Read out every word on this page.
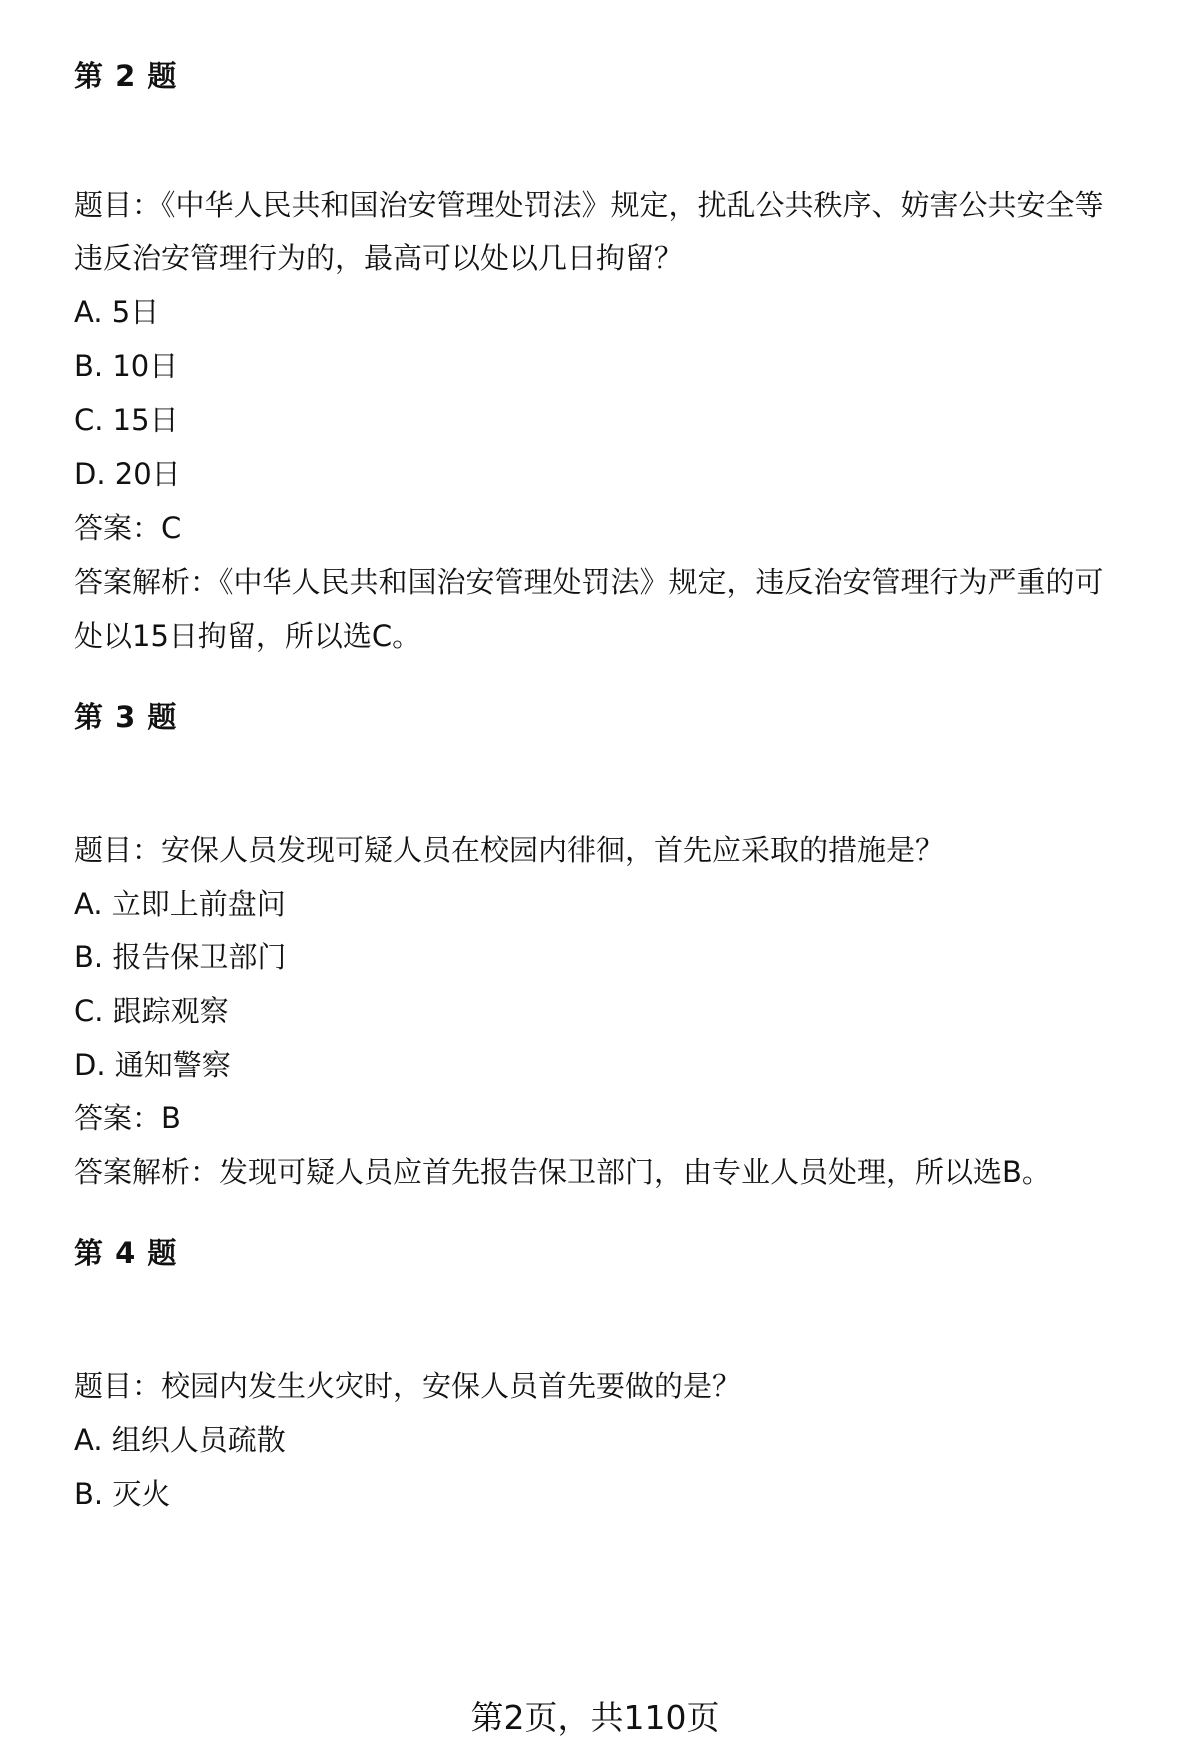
第 2 题
题目：《中华人民共和国治安管理处罚法》规定，扰乱公共秩序、妨害公共安全等
违反治安管理行为的，最高可以处以几日拘留？
A. 5日
B. 10日
C. 15日
D. 20日
答案：C
答案解析：《中华人民共和国治安管理处罚法》规定，违反治安管理行为严重的可
处以15日拘留，所以选C。
第 3 题
题目：安保人员发现可疑人员在校园内徘徊，首先应采取的措施是？
A. 立即上前盘问
B. 报告保卫部门
C. 跟踪观察
D. 通知警察
答案：B
答案解析：发现可疑人员应首先报告保卫部门，由专业人员处理，所以选B。
第 4 题
题目：校园内发生火灾时，安保人员首先要做的是？
A. 组织人员疏散
B. 灭火
第2页，共110页
